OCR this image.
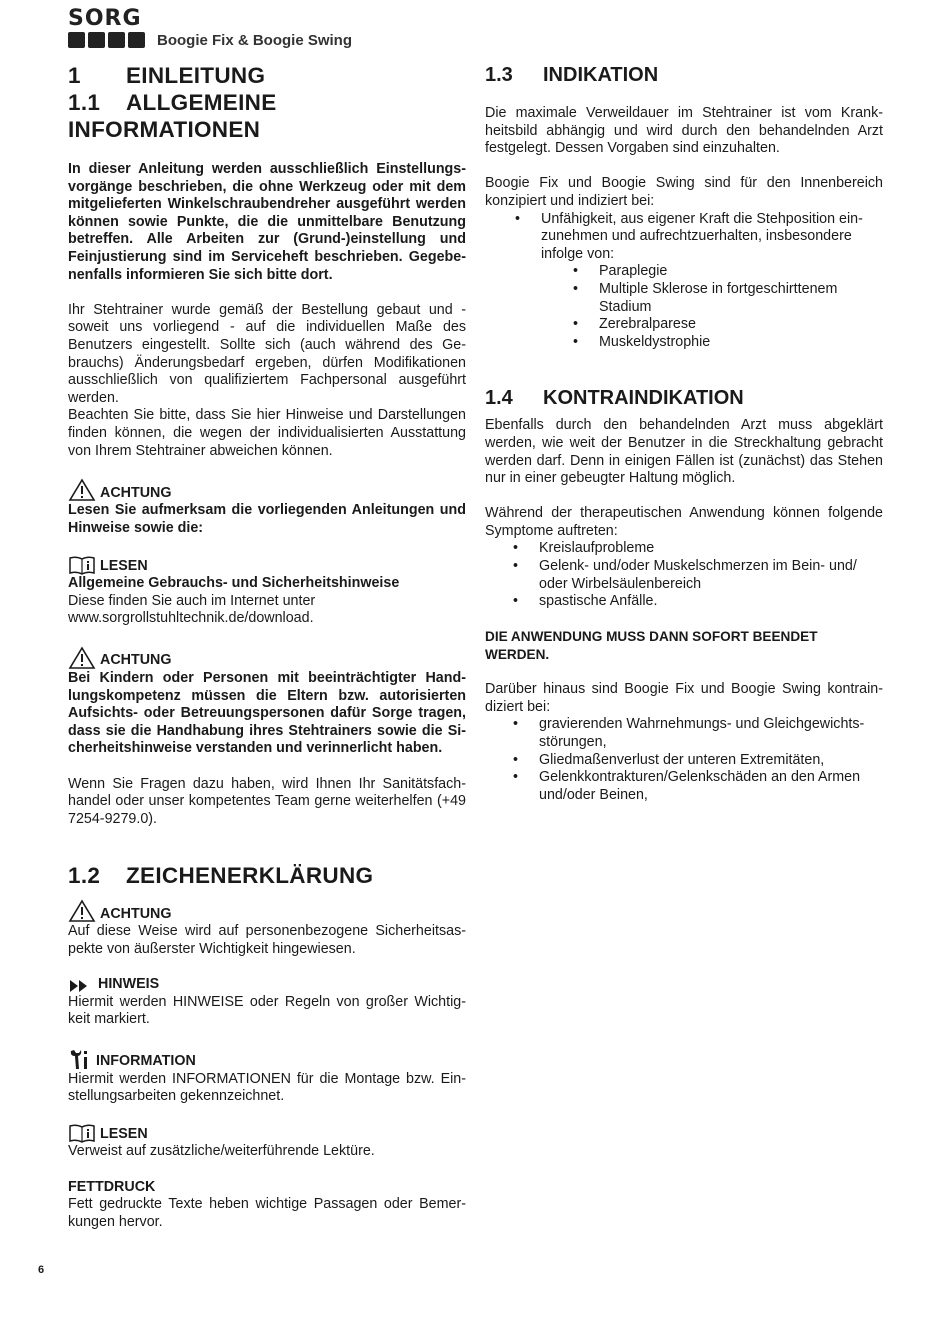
SORG
Boogie Fix & Boogie Swing
1 EINLEITUNG
1.1 ALLGEMEINE INFORMATIONEN

In dieser Anleitung werden ausschließlich Einstellungsvorgänge beschrieben, die ohne Werkzeug oder mit dem mitgelieferten Winkelschraubendreher ausgeführt werden können sowie Punkte, die die unmittelbare Benutzung betreffen. Alle Arbeiten zur (Grund-)einstellung und Feinjustierung sind im Serviceheft beschrieben. Gegebenenfalls informieren Sie sich bitte dort.

Ihr Stehtrainer wurde gemäß der Bestellung gebaut und - soweit uns vorliegend - auf die individuellen Maße des Benutzers eingestellt. Sollte sich (auch während des Gebrauchs) Änderungsbedarf ergeben, dürfen Modifikationen ausschließlich von qualifiziertem Fachpersonal ausgeführt werden.

Beachten Sie bitte, dass Sie hier Hinweise und Darstellungen finden können, die wegen der individualisierten Ausstattung von Ihrem Stehtrainer abweichen können.

ACHTUNG

Lesen Sie aufmerksam die vorliegenden Anleitungen und Hinweise sowie die:

LESEN

Allgemeine Gebrauchs- und Sicherheitshinweise

Diese finden Sie auch im Internet unter

www.sorgrollstuhltechnik.de/download.

ACHTUNG

Bei Kindern oder Personen mit beeinträchtigter Handlungskompetenz müssen die Eltern bzw. autorisierten Aufsichts- oder Betreuungspersonen dafür Sorge tragen, dass sie die Handhabung ihres Stehtrainers sowie die Sicherheitshinweise verstanden und verinnerlicht haben.

Wenn Sie Fragen dazu haben, wird Ihnen Ihr Sanitätsfachhandel oder unser kompetentes Team gerne weiterhelfen (+49 7254-9279.0).

1.2 ZEICHENERKLÄRUNG
ACHTUNG

Auf diese Weise wird auf personenbezogene Sicherheitsaspekte von äußerster Wichtigkeit hingewiesen.

HINWEIS

Hiermit werden HINWEISE oder Regeln von großer Wichtigkeit markiert.

INFORMATION

Hiermit werden INFORMATIONEN für die Montage bzw. Einstellungsarbeiten gekennzeichnet.

LESEN

Verweist auf zusätzliche/weiterführende Lektüre.

FETTDRUCK

Fett gedruckte Texte heben wichtige Passagen oder Bemerkungen hervor.

1.3 INDIKATION

Die maximale Verweildauer im Stehtrainer ist vom Krankheitsbild abhängig und wird durch den behandelnden Arzt festgelegt. Dessen Vorgaben sind einzuhalten.

Boogie Fix und Boogie Swing sind für den Innenbereich konzipiert und indiziert bei:

• Unfähigkeit, aus eigener Kraft die Stehposition einzunehmen und aufrechtzuerhalten, insbesondere infolge von:
• Paraplegie
• Multiple Sklerose in fortgeschirttenem Stadium
• Zerebralparese
• Muskeldystrophie
1.4 KONTRAINDIKATION

Ebenfalls durch den behandelnden Arzt muss abgeklärt werden, wie weit der Benutzer in die Streckhaltung gebracht werden darf. Denn in einigen Fällen ist (zunächst) das Stehen nur in einer gebeugter Haltung möglich.

Während der therapeutischen Anwendung können folgende Symptome auftreten:

• Kreislaufprobleme
• Gelenk- und/oder Muskelschmerzen im Bein- und/ oder Wirbelsäulenbereich
• spastische Anfälle.
DIE ANWENDUNG MUSS DANN SOFORT BEENDET WERDEN.

Darüber hinaus sind Boogie Fix und Boogie Swing kontraindiziert bei:

• gravierenden Wahrnehmungs- und Gleichgewichtsstörungen,
• Gliedmaßenverlust der unteren Extremitäten,
• Gelenkkontrakturen/Gelenkschäden an den Armen und/oder Beinen,
6
